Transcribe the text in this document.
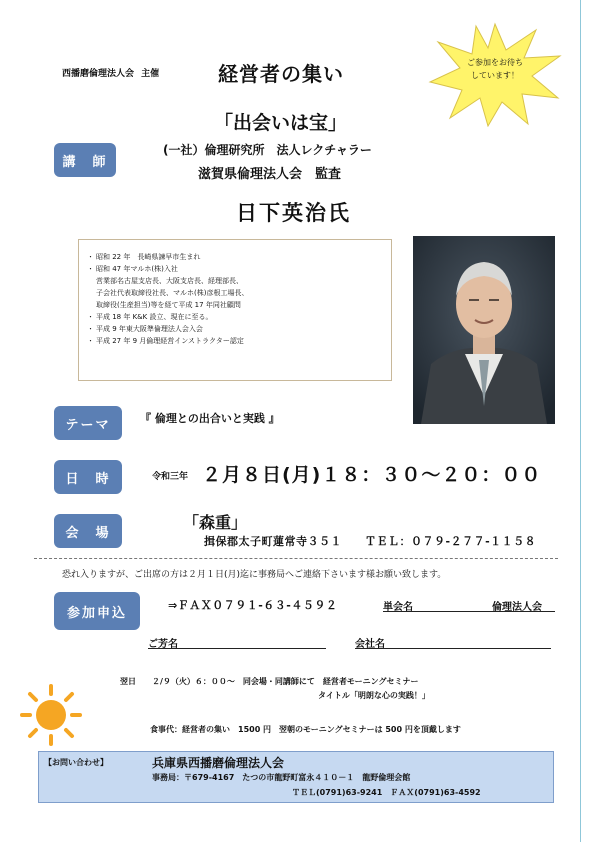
西播磨倫理法人会 主催	経営者の集い	ご参加をお待ち
しています！
「出会いは宝」
講　師
(一社）倫理研究所　法人レクチャラー
滋賀県倫理法人会　監査
日下英治氏
・ 昭和 22 年　長崎県諫早市生まれ
・ 昭和 47 年マルホ(株)入社
営業部名古屋支店長、大阪支店長、経理部長、
子会社代表取締役社長、マルホ(株)彦根工場長、
取締役(生産担当)等を経て平成 17 年同社顧問
・ 平成 18 年 K&K 設立、現在に至る。
・ 平成 9 年東大阪準倫理法人会入会
・ 平成 27 年 9 月倫理経営インストラクター認定
テーマ	『 倫理との出合いと実践 』
日　時	令和三年 ２月８日(月)１８：３０〜２０：００
会　場
「森重」
揖保郡太子町蓮常寺３５１　　ＴＥＬ：０７９-２７７-１１５８
恐れ入りますが、ご出席の方は２月１日(月)迄に事務局へご連絡下さいます様お願い致します。
参加申込	⇒ＦＡＸ０７９１-６３-４５９２	単会名	倫理法人会
ご芳名	会社名
翌日　　２/９（火）６：００〜　同会場・同講師にて　経営者モーニングセミナー
タイトル「明朗な心の実践！」
食事代：経営者の集い　1500 円　翌朝のモーニングセミナーは 500 円を頂戴します
【お問い合わせ】	兵庫県西播磨倫理法人会
事務局：〒679-4167　たつの市龍野町富永４１０－１　龍野倫理会館
ＴＥＬ(0791)63-9241　ＦＡＸ(0791)63-4592
